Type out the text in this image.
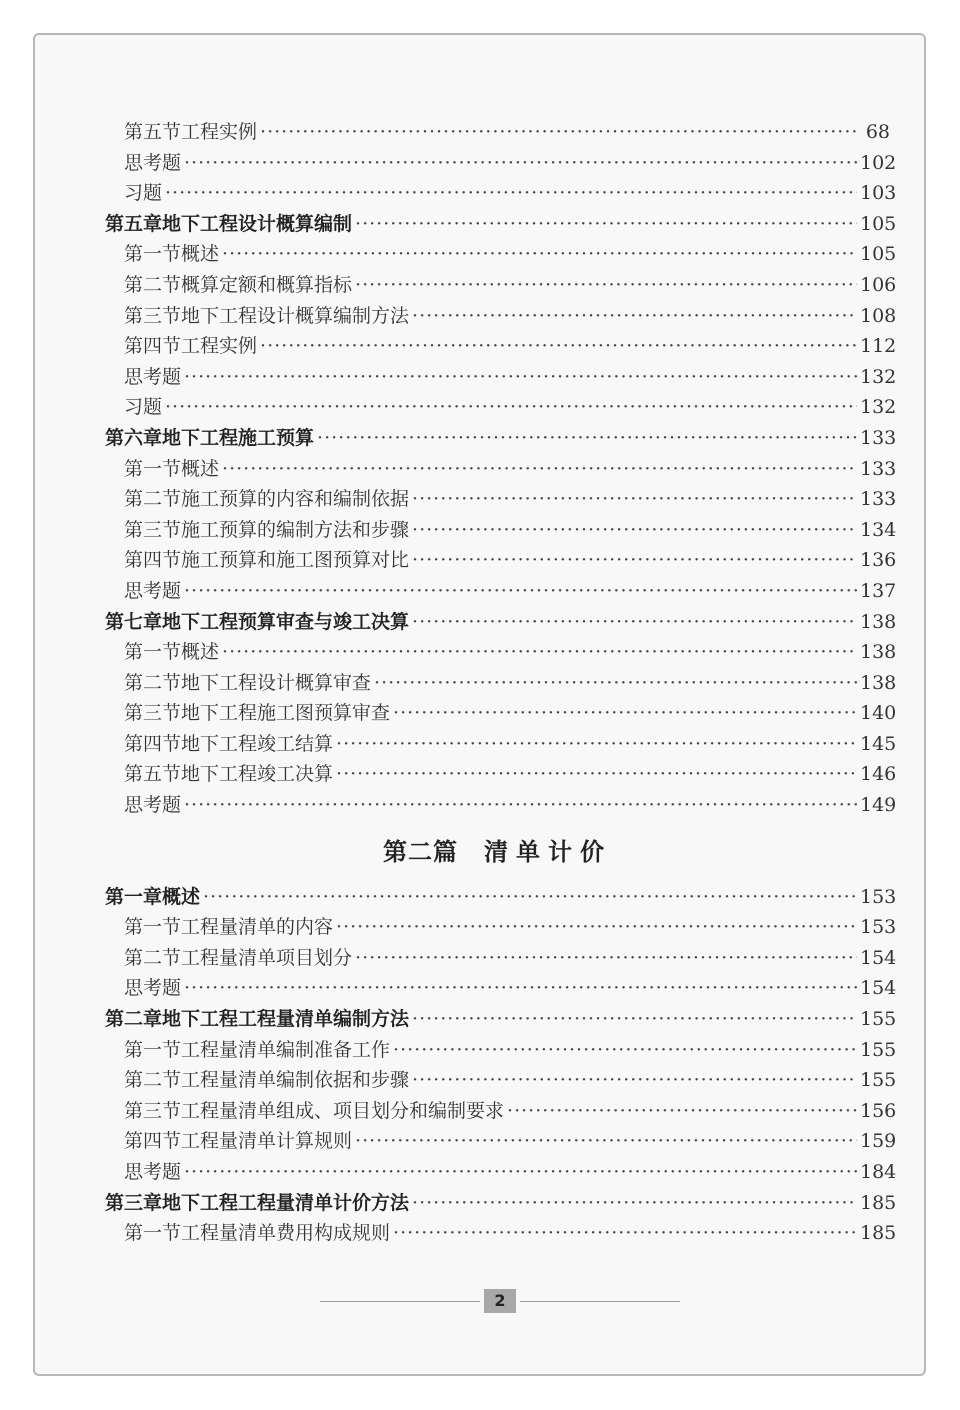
第五节 工程实例 ·····	68
思考题 ·····	102
习题 ·····	103
第五章 地下工程设计概算编制 ·····	105
第一节 概述 ·····	105
第二节 概算定额和概算指标 ·····	106
第三节 地下工程设计概算编制方法 ·····	108
第四节 工程实例 ·····	112
思考题 ·····	132
习题 ·····	132
第六章 地下工程施工预算 ·····	133
第一节 概述 ·····	133
第二节 施工预算的内容和编制依据 ·····	133
第三节 施工预算的编制方法和步骤 ·····	134
第四节 施工预算和施工图预算对比 ·····	136
思考题 ·····	137
第七章 地下工程预算审查与竣工决算 ·····	138
第一节 概述 ·····	138
第二节 地下工程设计概算审查 ·····	138
第三节 地下工程施工图预算审查 ·····	140
第四节 地下工程竣工结算 ·····	145
第五节 地下工程竣工决算 ·····	146
思考题 ·····	149
第二篇 清单计价
第一章 概述 ·····	153
第一节 工程量清单的内容 ·····	153
第二节 工程量清单项目划分 ·····	154
思考题 ·····	154
第二章 地下工程工程量清单编制方法 ·····	155
第一节 工程量清单编制准备工作 ·····	155
第二节 工程量清单编制依据和步骤 ·····	155
第三节 工程量清单组成、项目划分和编制要求 ·····	156
第四节 工程量清单计算规则 ·····	159
思考题 ·····	184
第三章 地下工程工程量清单计价方法 ·····	185
第一节 工程量清单费用构成规则 ·····	185
2
